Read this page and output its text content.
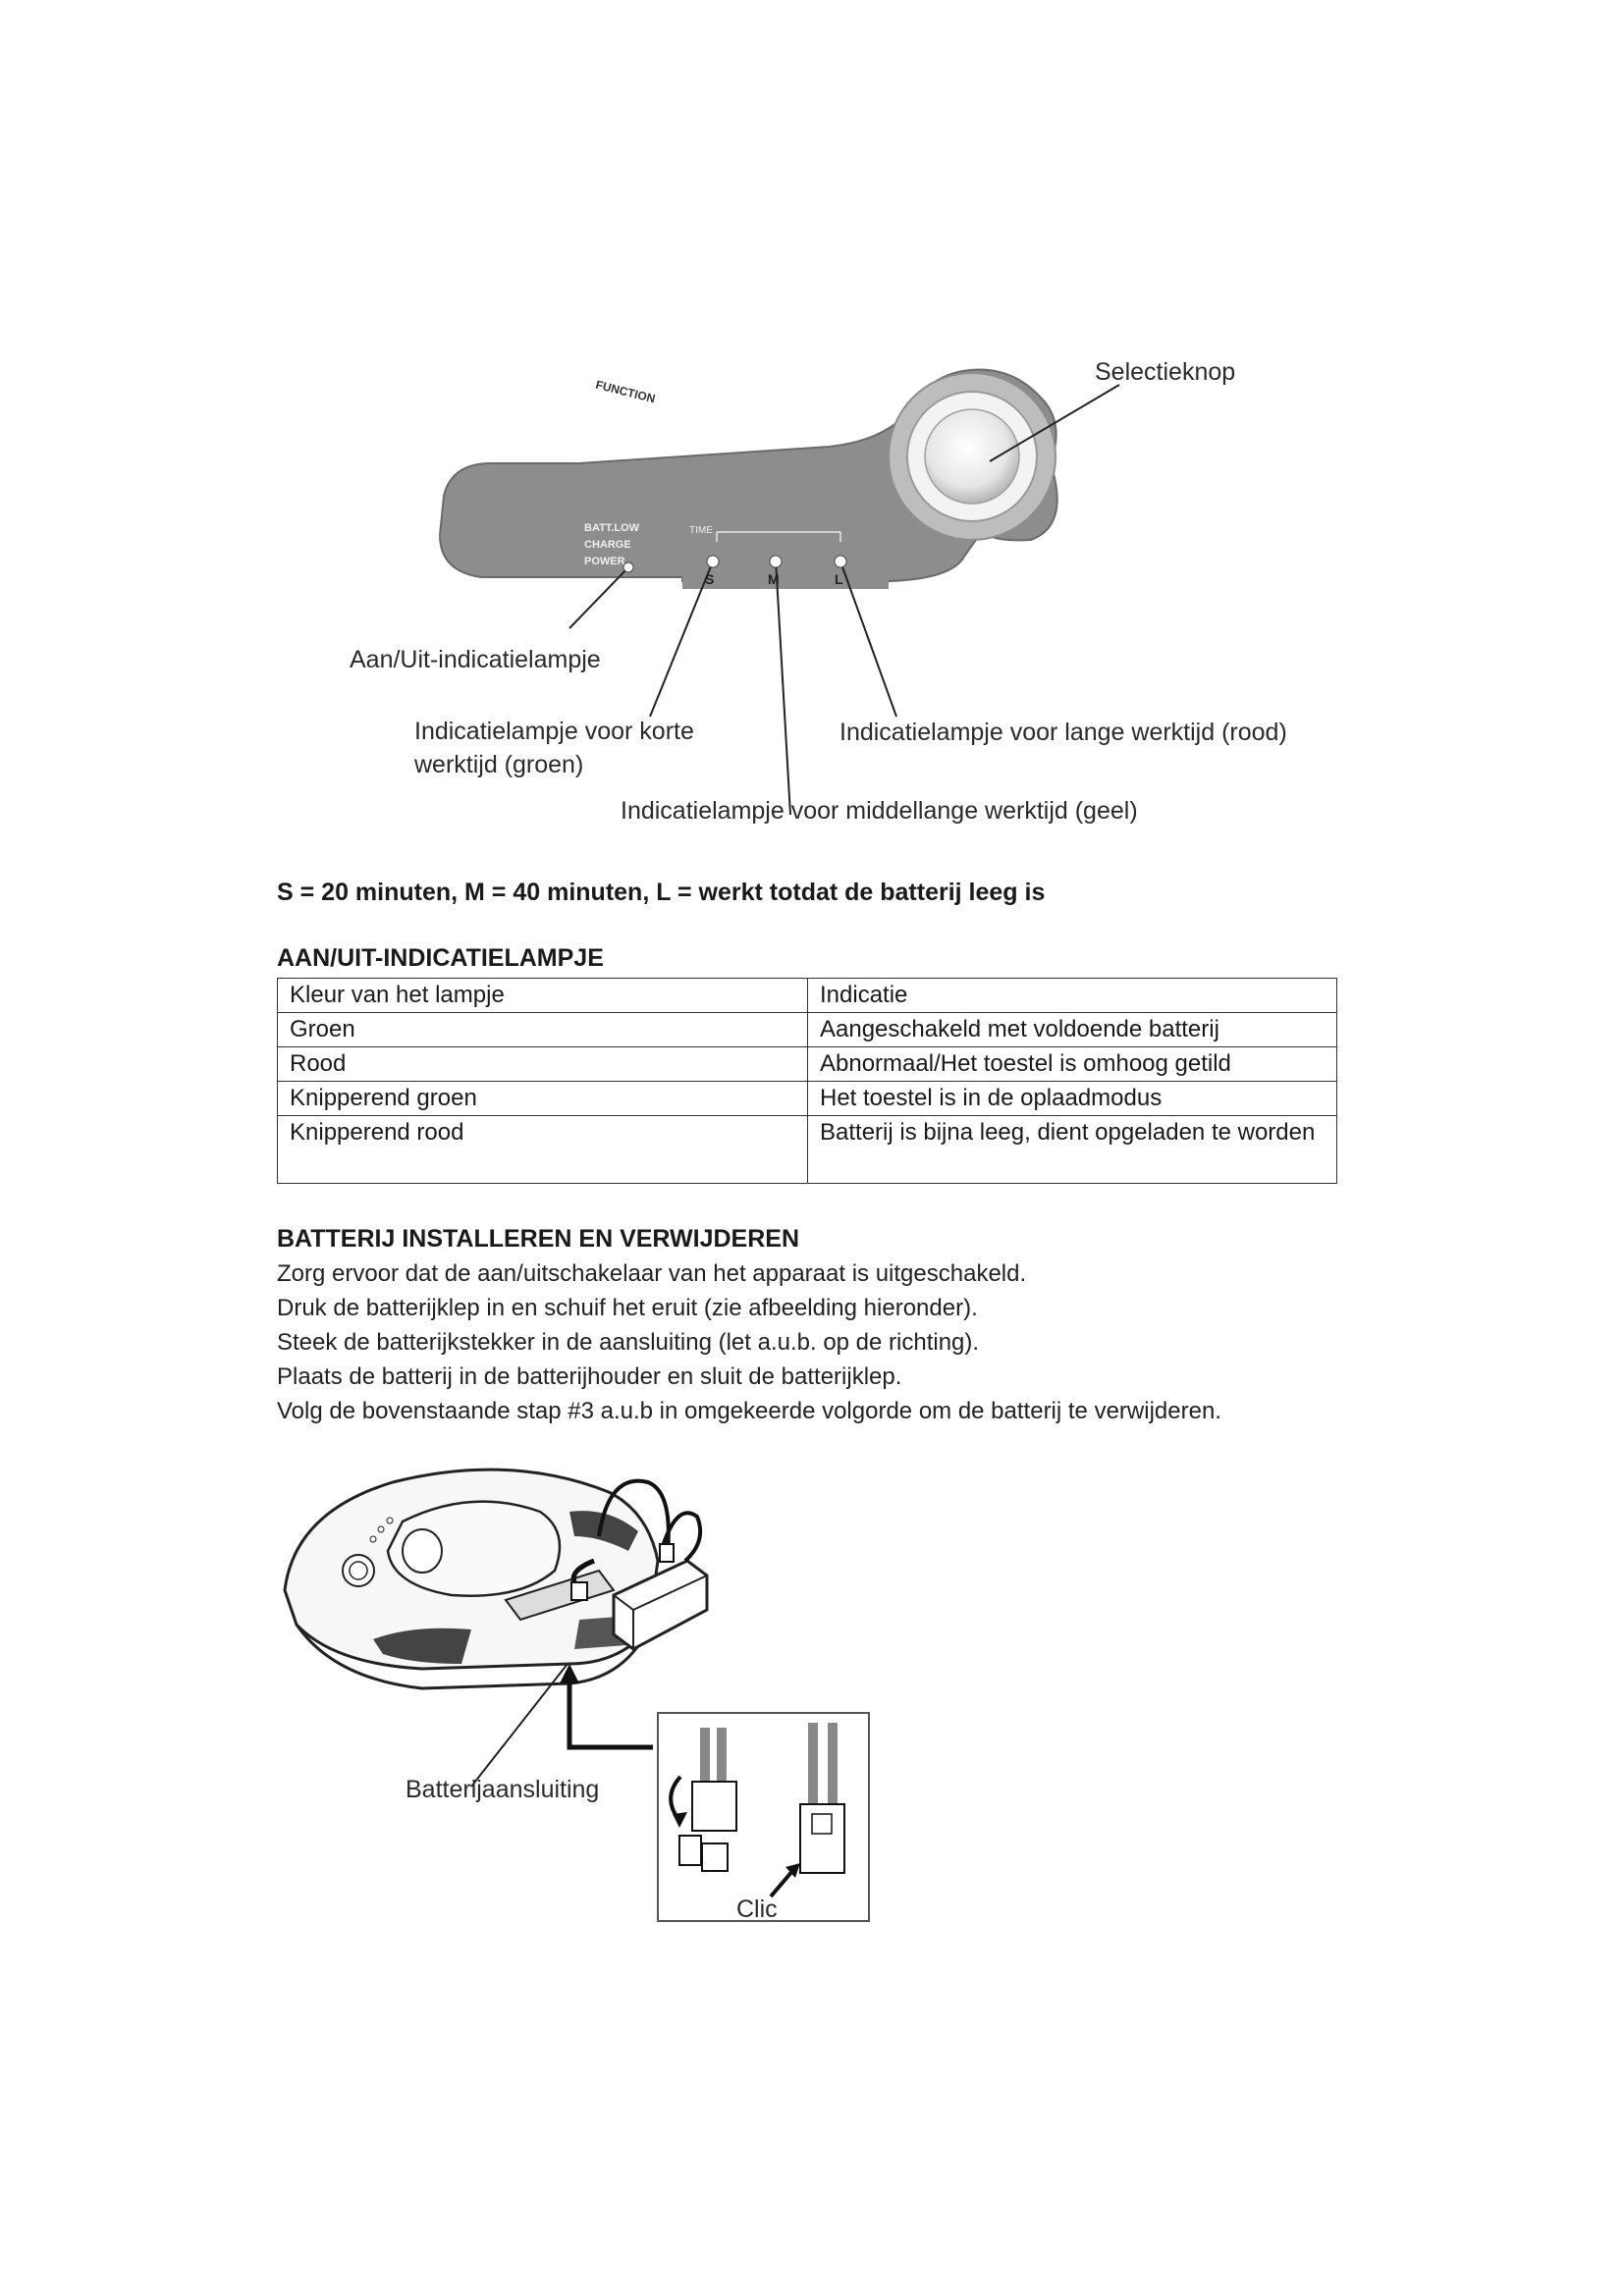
FUNCTION
BATT.LOW
CHARGE
POWER
TIME
S	M	L
Selectieknop
Aan/Uit-indicatielampje
Indicatielampje voor korte
werktijd (groen)
Indicatielampje voor lange werktijd (rood)
Indicatielampje voor middellange werktijd (geel)
S = 20 minuten, M = 40 minuten, L = werkt totdat de batterij leeg is
AAN/UIT-INDICATIELAMPJE
Kleur van het lampje	Indicatie
Groen	Aangeschakeld met voldoende batterij
Rood	Abnormaal/Het toestel is omhoog getild
Knipperend groen	Het toestel is in de oplaadmodus
Knipperend rood	Batterij is bijna leeg, dient opgeladen te worden
BATTERIJ INSTALLEREN EN VERWIJDEREN
Zorg ervoor dat de aan/uitschakelaar van het apparaat is uitgeschakeld.
Druk de batterijklep in en schuif het eruit (zie afbeelding hieronder).
Steek de batterijkstekker in de aansluiting (let a.u.b. op de richting).
Plaats de batterij in de batterijhouder en sluit de batterijklep.
Volg de bovenstaande stap #3 a.u.b in omgekeerde volgorde om de batterij te verwijderen.
Batterijaansluiting
Clic
